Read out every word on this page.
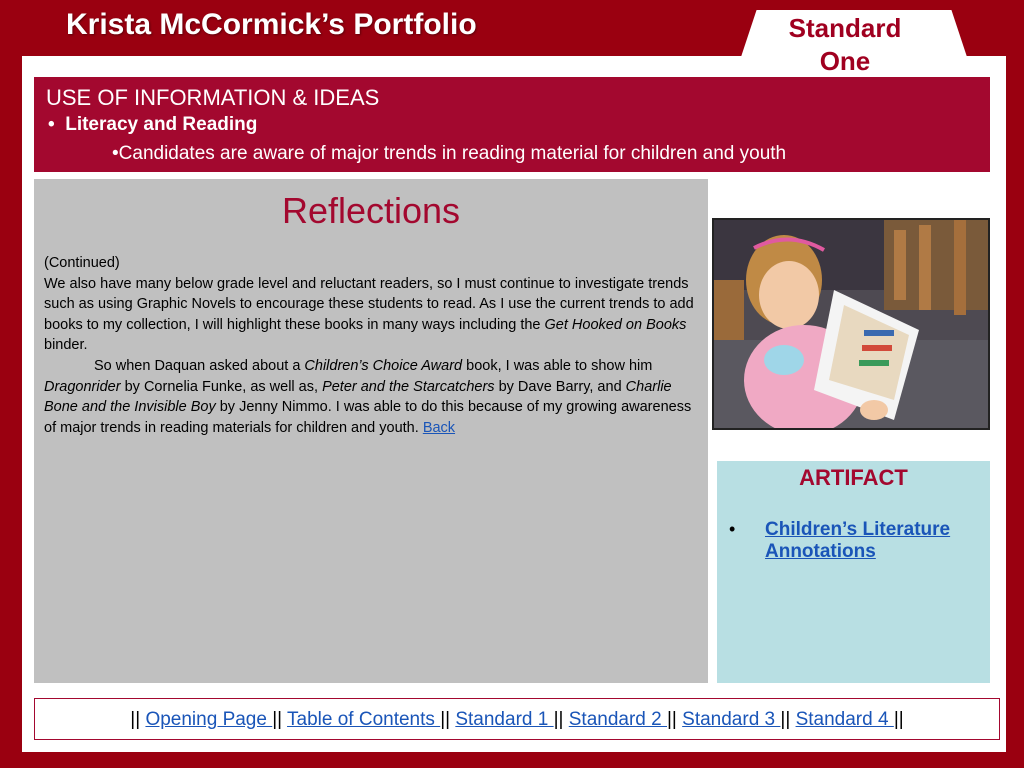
Krista McCormick’s Portfolio	Standard One
USE OF INFORMATION & IDEAS
• Literacy and Reading
•Candidates are aware of major trends in reading material for children and youth
Reflections
(Continued)
We also have many below grade level and reluctant readers, so I must continue to investigate trends such as using Graphic Novels to encourage these students to read. As I use the current trends to add books to my collection, I will highlight these books in many ways including the Get Hooked on Books binder.
So when Daquan asked about a Children’s Choice Award book, I was able to show him Dragonrider by Cornelia Funke, as well as, Peter and the Starcatchers by Dave Barry, and Charlie Bone and the Invisible Boy by Jenny Nimmo. I was able to do this because of my growing awareness of major trends in reading materials for children and youth. Back
ARTIFACT
• Children’s Literature Annotations
|| Opening Page || Table of Contents || Standard 1 || Standard 2 || Standard 3 || Standard 4 ||
